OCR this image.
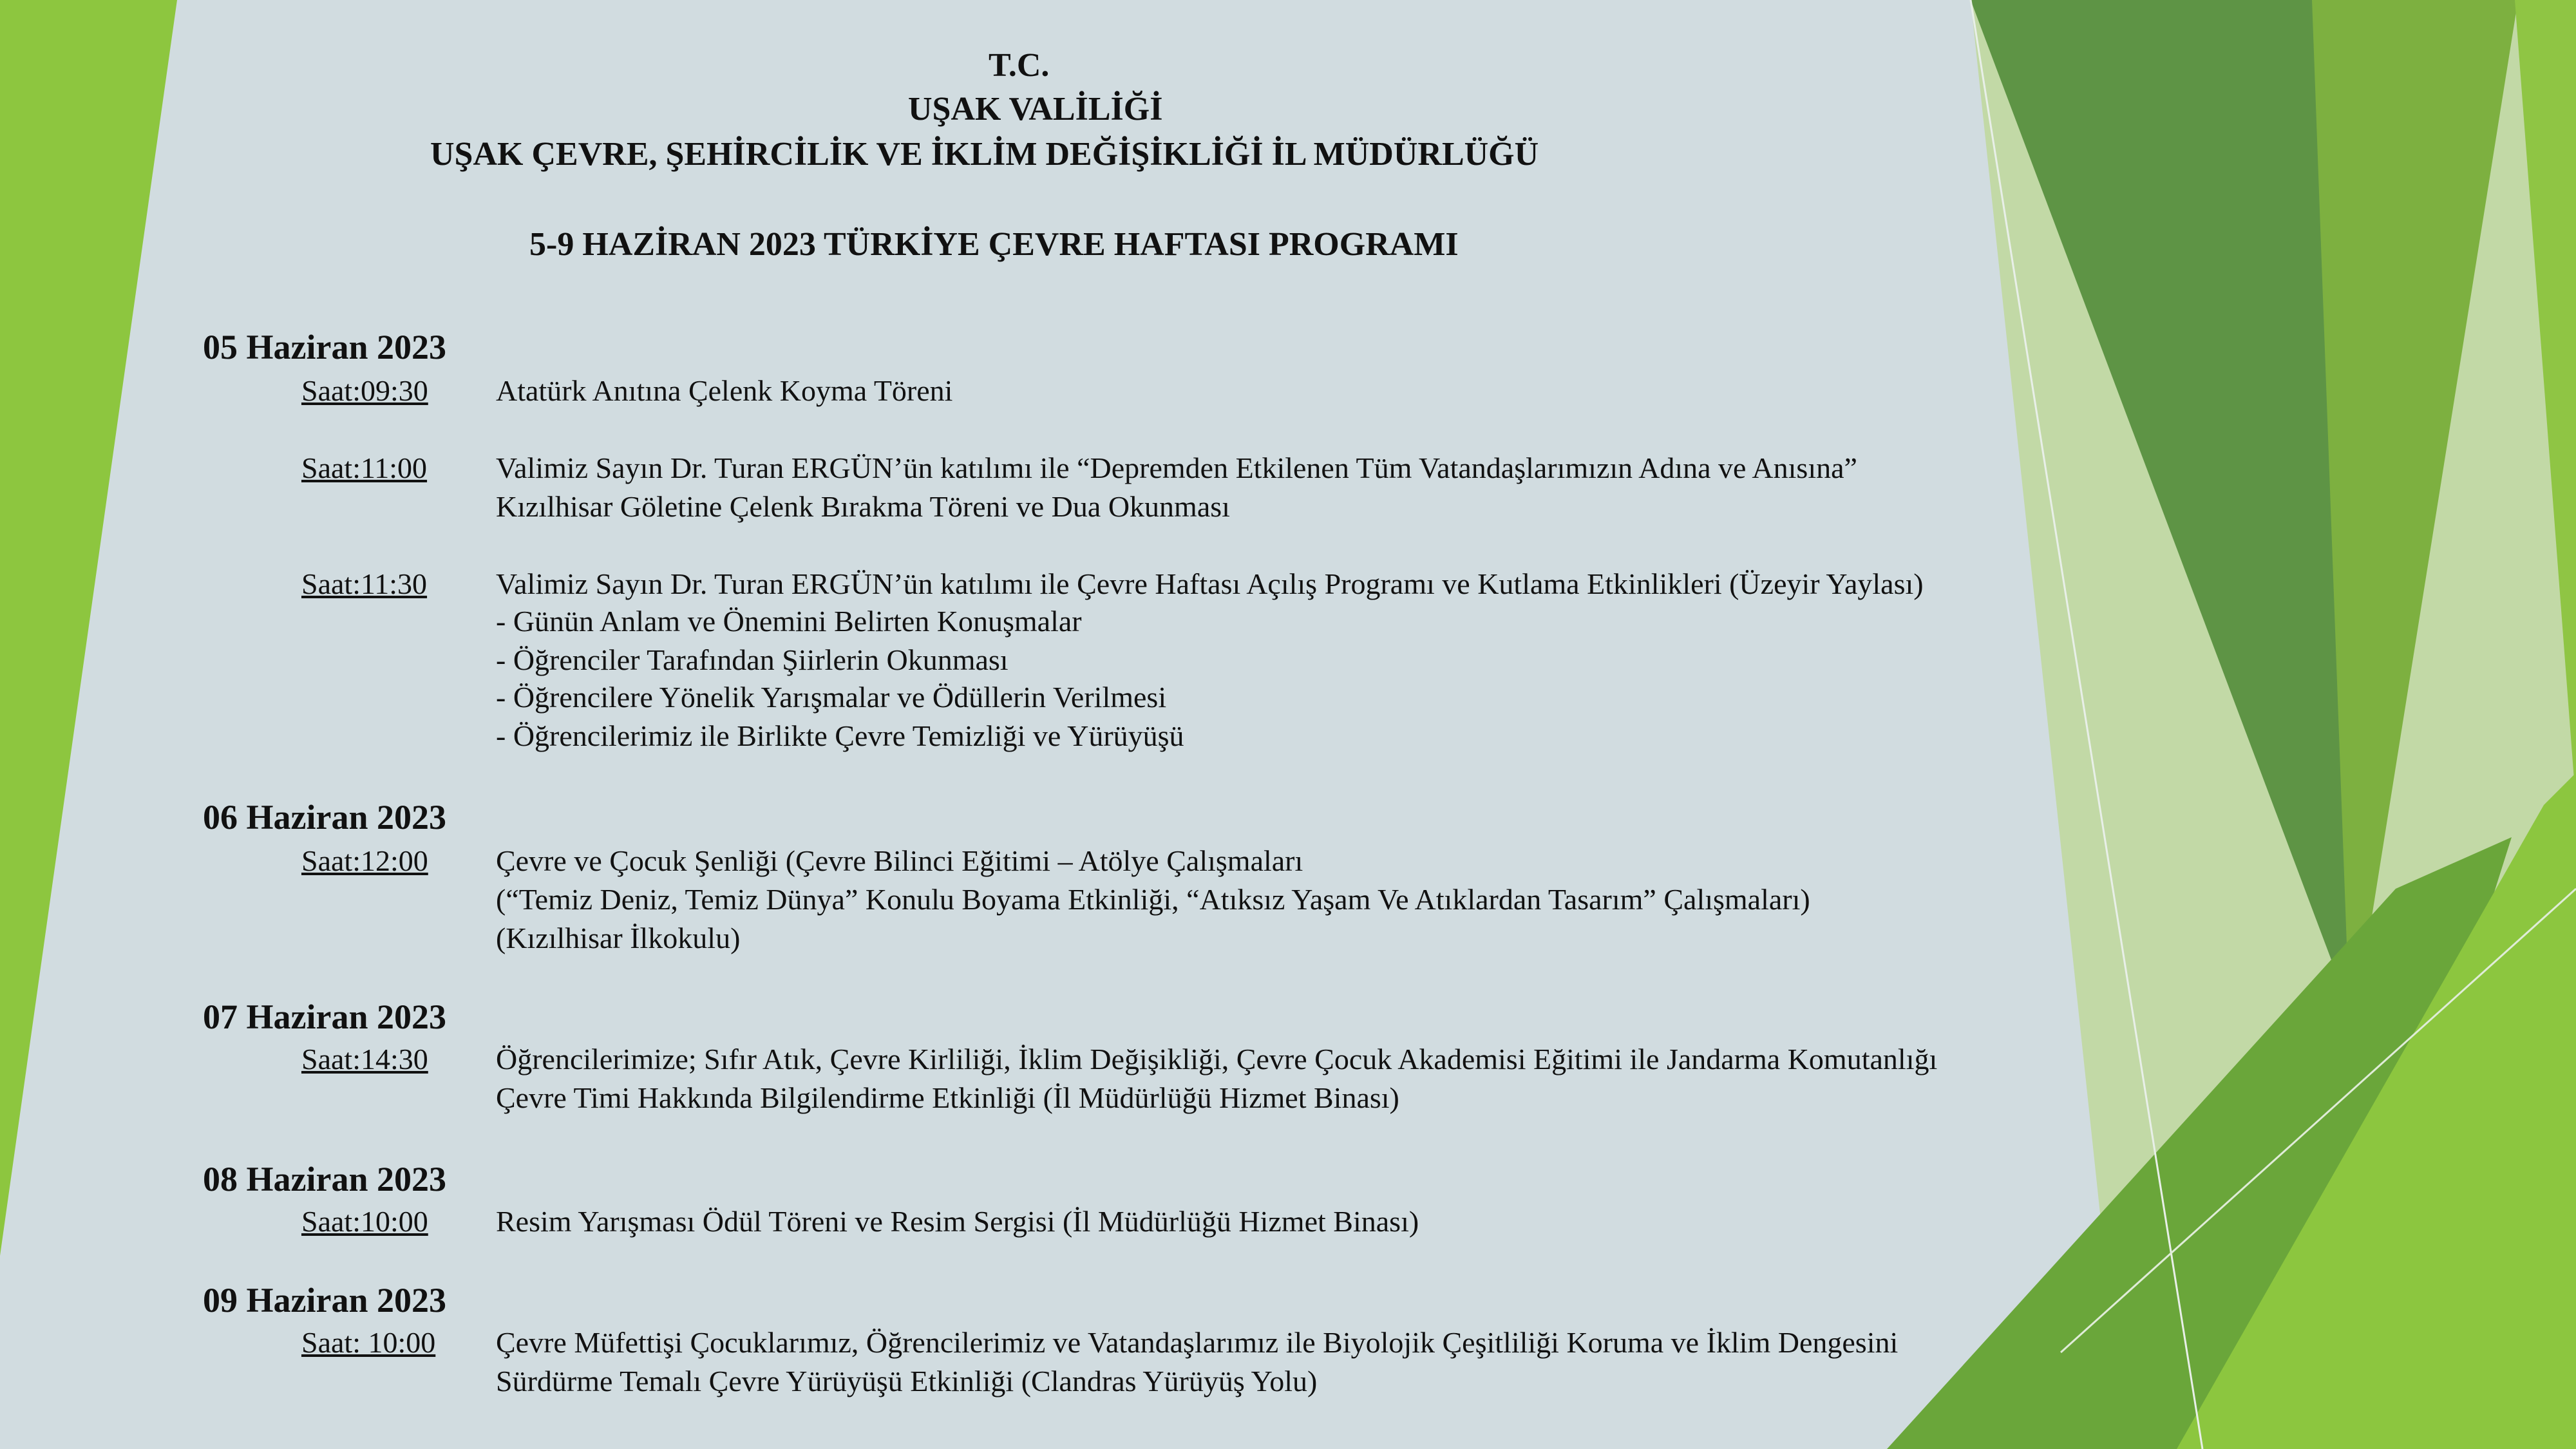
T.C.
UŞAK VALİLİĞİ
UŞAK ÇEVRE, ŞEHİRCİLİK VE İKLİM DEĞİŞİKLİĞİ İL MÜDÜRLÜĞÜ
5-9 HAZİRAN 2023 TÜRKİYE ÇEVRE HAFTASI PROGRAMI
05 Haziran 2023
Saat:09:30 Atatürk Anıtına Çelenk Koyma Töreni
Saat:11:00 Valimiz Sayın Dr. Turan ERGÜN’ün katılımı ile “Depremden Etkilenen Tüm Vatandaşlarımızın Adına ve Anısına”
Kızılhisar Göletine Çelenk Bırakma Töreni ve Dua Okunması
Saat:11:30 Valimiz Sayın Dr. Turan ERGÜN’ün katılımı ile Çevre Haftası Açılış Programı ve Kutlama Etkinlikleri (Üzeyir Yaylası)
- Günün Anlam ve Önemini Belirten Konuşmalar
- Öğrenciler Tarafından Şiirlerin Okunması
- Öğrencilere Yönelik Yarışmalar ve Ödüllerin Verilmesi
- Öğrencilerimiz ile Birlikte Çevre Temizliği ve Yürüyüşü
06 Haziran 2023
Saat:12:00 Çevre ve Çocuk Şenliği (Çevre Bilinci Eğitimi – Atölye Çalışmaları
(“Temiz Deniz, Temiz Dünya” Konulu Boyama Etkinliği, “Atıksız Yaşam Ve Atıklardan Tasarım” Çalışmaları)
(Kızılhisar İlkokulu)
07 Haziran 2023
Saat:14:30 Öğrencilerimize; Sıfır Atık, Çevre Kirliliği, İklim Değişikliği, Çevre Çocuk Akademisi Eğitimi ile Jandarma Komutanlığı
Çevre Timi Hakkında Bilgilendirme Etkinliği (İl Müdürlüğü Hizmet Binası)
08 Haziran 2023
Saat:10:00 Resim Yarışması Ödül Töreni ve Resim Sergisi (İl Müdürlüğü Hizmet Binası)
09 Haziran 2023
Saat: 10:00 Çevre Müfettişi Çocuklarımız, Öğrencilerimiz ve Vatandaşlarımız ile Biyolojik Çeşitliliği Koruma ve İklim Dengesini
Sürdürme Temalı Çevre Yürüyüşü Etkinliği (Clandras Yürüyüş Yolu)
